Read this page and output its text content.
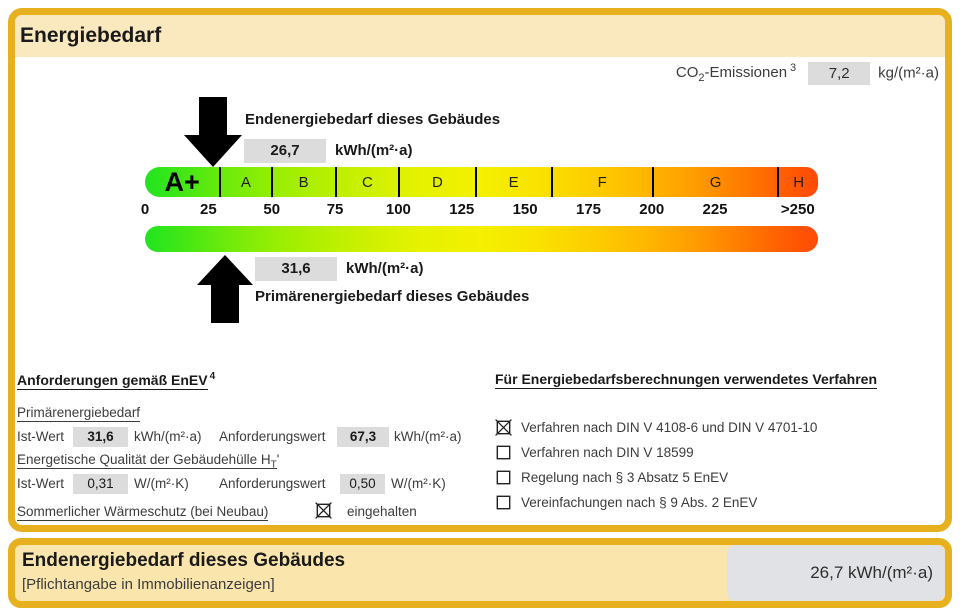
Energiebedarf
$CO_2$-Emissionen $^3$ 7,2 kg/(m²·a)
Endenergiebedarf dieses Gebäudes
26,7	kWh/(m²·a)
31,6	kWh/(m²·a)
Primärenergiebedarf dieses Gebäudes
A+	A	B	C	D	E	F	G	H
0	25	50	75	100	125	150	175	200	225	>250
Anforderungen gemäß EnEV $^4$
Primärenergiebedarf
Ist-Wert	31,6	kWh/(m²·a) Anforderungswert	67,3	kWh/(m²·a)
Energetische Qualität der Gebäudehülle $H_T'$
Ist-Wert	0,31	W/(m²·K) Anforderungswert	0,50	W/(m²·K)
Sommerlicher Wärmeschutz (bei Neubau)	eingehalten
Für Energiebedarfsberechnungen verwendetes Verfahren
Verfahren nach DIN V 4108-6 und DIN V 4701-10
Verfahren nach DIN V 18599
Regelung nach § 3 Absatz 5 EnEV
Vereinfachungen nach § 9 Abs. 2 EnEV

Endenergiebedarf dieses Gebäudes

[Pflichtangabe in Immobilienanzeigen]

26,7 kWh/(m²·a)
